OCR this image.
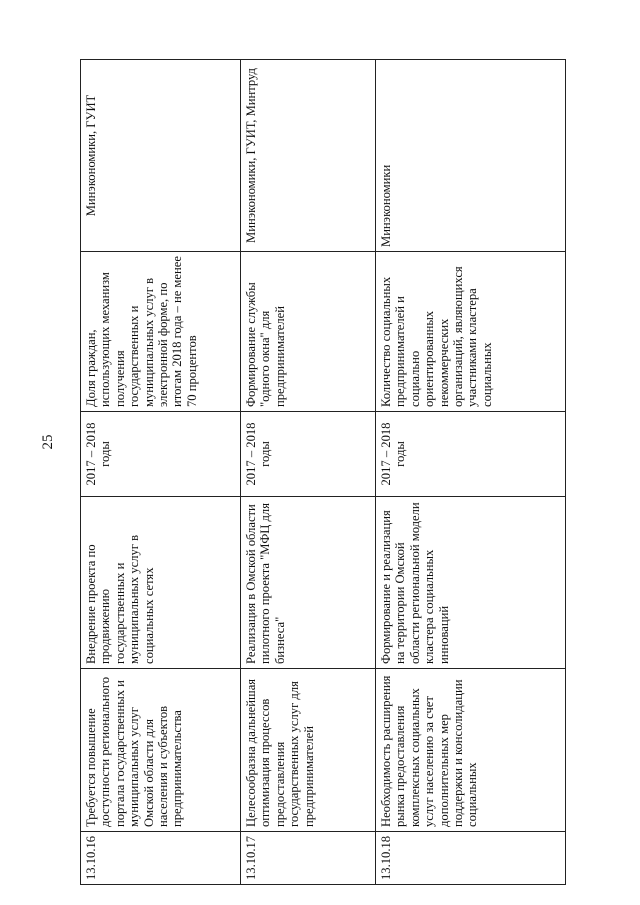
25
13.10.16	Требуется повышение доступности регионального портала государственных и муниципальных услуг Омской области для населения и субъектов предпринимательства	Внедрение проекта по продвижению государственных и муниципальных услуг в социальных сетях	2017 – 2018 годы	Доля граждан, использующих механизм получения государственных и муниципальных услуг в электронной форме, по итогам 2018 года – не менее 70 процентов	Минэкономики, ГУИТ
13.10.17	Целесообразна дальнейшая оптимизация процессов предоставления государственных услуг для предпринимателей	Реализация в Омской области пилотного проекта "МФЦ для бизнеса"	2017 – 2018 годы	Формирование службы "одного окна" для предпринимателей	Минэкономики, ГУИТ, Минтруд
13.10.18	Необходимость расширения рынка предоставления комплексных социальных услуг населению за счет дополнительных мер поддержки и консолидации социальных	Формирование и реализация на территории Омской области региональной модели кластера социальных инноваций	2017 – 2018 годы	Количество социальных предпринимателей и социально ориентированных некоммерческих организаций, являющихся участниками кластера социальных	Минэкономики
